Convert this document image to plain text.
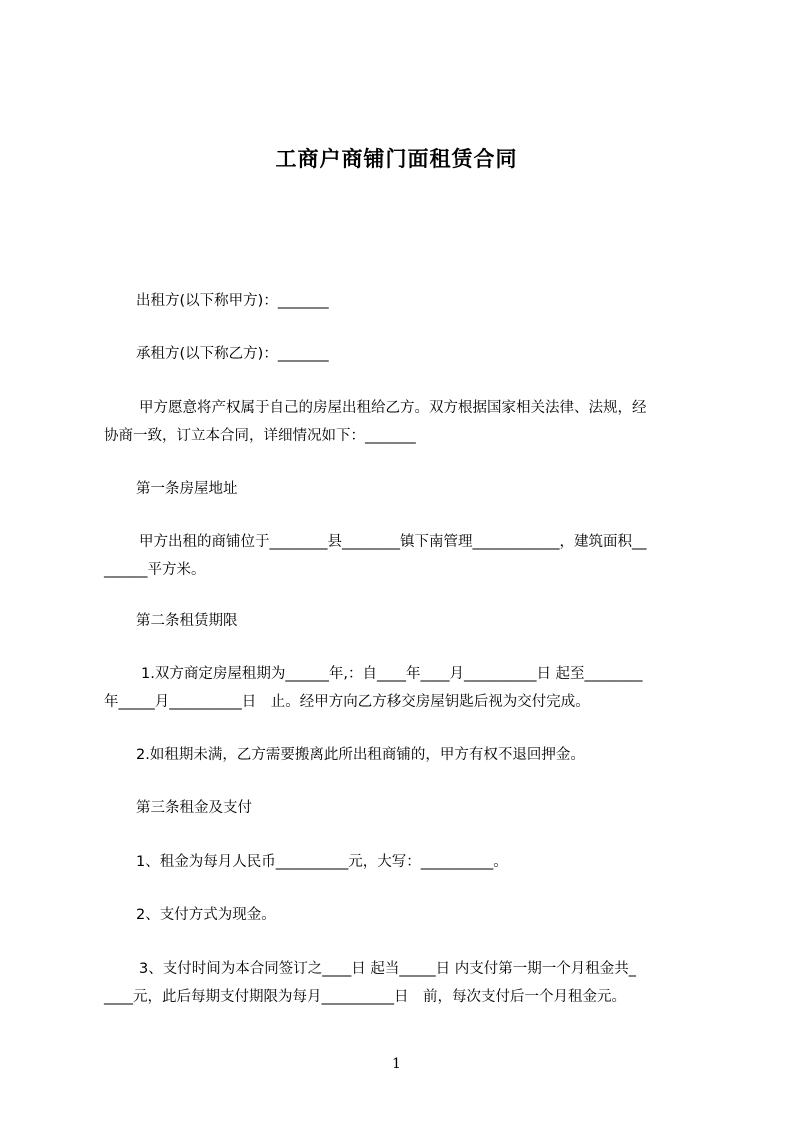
工商户商铺门面租赁合同
出租方(以下称甲方)：_______
承租方(以下称乙方)：_______
甲方愿意将产权属于自己的房屋出租给乙方。双方根据国家相关法律、法规，经
协商一致，订立本合同，详细情况如下：_______
第一条房屋地址
甲方出租的商铺位于________县________镇下南管理____________，建筑面积__
______平方米。
第二条租赁期限
1.双方商定房屋租期为______年,：自____年____月__________日 起至________
年_____月__________日　止。经甲方向乙方移交房屋钥匙后视为交付完成。
2.如租期未满，乙方需要搬离此所出租商铺的，甲方有权不退回押金。
第三条租金及支付
1、租金为每月人民币__________元，大写：__________。
2、支付方式为现金。
3、支付时间为本合同签订之____日 起当_____日 内支付第一期一个月租金共_
____元，此后每期支付期限为每月__________日　前，每次支付后一个月租金元。
1
